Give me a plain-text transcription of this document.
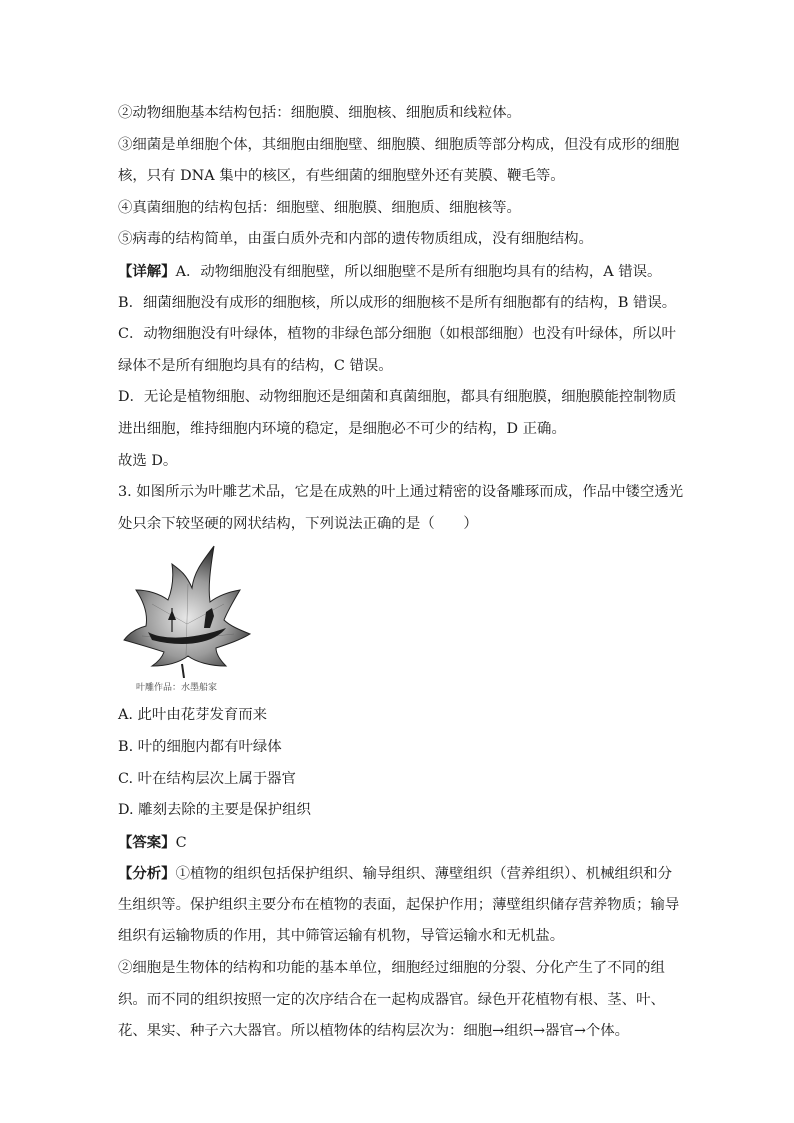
②动物细胞基本结构包括：细胞膜、细胞核、细胞质和线粒体。
③细菌是单细胞个体，其细胞由细胞壁、细胞膜、细胞质等部分构成，但没有成形的细胞
核，只有 DNA 集中的核区，有些细菌的细胞壁外还有荚膜、鞭毛等。
④真菌细胞的结构包括：细胞壁、细胞膜、细胞质、细胞核等。
⑤病毒的结构简单，由蛋白质外壳和内部的遗传物质组成，没有细胞结构。
【详解】A．动物细胞没有细胞壁，所以细胞壁不是所有细胞均具有的结构，A 错误。
B．细菌细胞没有成形的细胞核，所以成形的细胞核不是所有细胞都有的结构，B 错误。
C．动物细胞没有叶绿体，植物的非绿色部分细胞（如根部细胞）也没有叶绿体，所以叶
绿体不是所有细胞均具有的结构，C 错误。
D．无论是植物细胞、动物细胞还是细菌和真菌细胞，都具有细胞膜，细胞膜能控制物质
进出细胞，维持细胞内环境的稳定，是细胞必不可少的结构，D 正确。
故选 D。
3. 如图所示为叶雕艺术品，它是在成熟的叶上通过精密的设备雕琢而成，作品中镂空透光
处只余下较坚硬的网状结构，下列说法正确的是（　　）
叶雕作品：水墨船家
A. 此叶由花芽发育而来
B. 叶的细胞内都有叶绿体
C. 叶在结构层次上属于器官
D. 雕刻去除的主要是保护组织
【答案】C
【分析】①植物的组织包括保护组织、输导组织、薄壁组织（营养组织）、机械组织和分
生组织等。保护组织主要分布在植物的表面，起保护作用；薄壁组织储存营养物质；输导
组织有运输物质的作用，其中筛管运输有机物，导管运输水和无机盐。
②细胞是生物体的结构和功能的基本单位，细胞经过细胞的分裂、分化产生了不同的组
织。而不同的组织按照一定的次序结合在一起构成器官。绿色开花植物有根、茎、叶、
花、果实、种子六大器官。所以植物体的结构层次为：细胞→组织→器官→个体。
